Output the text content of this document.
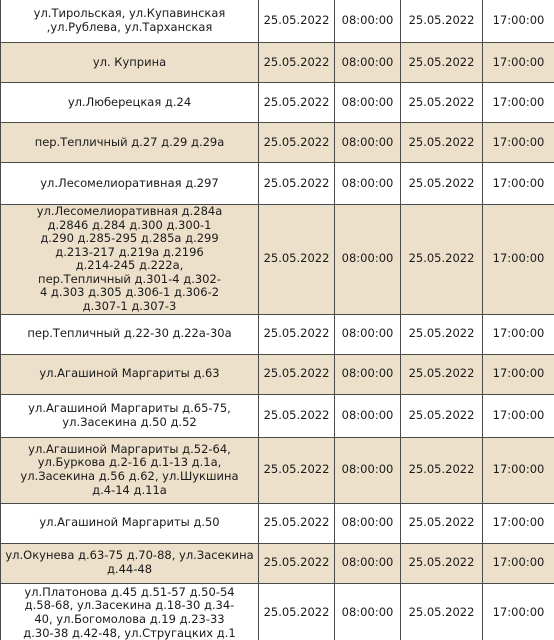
ул.Тирольская, ул.Купавинская ,ул.Рублева, ул.Тарханская	25.05.2022	08:00:00	25.05.2022	17:00:00
ул. Куприна	25.05.2022	08:00:00	25.05.2022	17:00:00
ул.Люберецкая д.24	25.05.2022	08:00:00	25.05.2022	17:00:00
пер.Тепличный д.27 д.29 д.29а	25.05.2022	08:00:00	25.05.2022	17:00:00
ул.Лесомелиоративная д.297	25.05.2022	08:00:00	25.05.2022	17:00:00
ул.Лесомелиоративная д.284а д.2846 д.284 д.300 д.300-1 д.290 д.285-295 д.285а д.299 д.213-217 д.219а д.2196 д.214-245 д.222а, пер.Тепличный д.301-4 д.302-4 д.303 д.305 д.306-1 д.306-2 д.307-1 д.307-3	25.05.2022	08:00:00	25.05.2022	17:00:00
пер.Тепличный д.22-30 д.22а-30а	25.05.2022	08:00:00	25.05.2022	17:00:00
ул.Агашиной Маргариты д.63	25.05.2022	08:00:00	25.05.2022	17:00:00
ул.Агашиной Маргариты д.65-75, ул.Засекина д.50 д.52	25.05.2022	08:00:00	25.05.2022	17:00:00
ул.Агашиной Маргариты д.52-64, ул.Буркова д.2-16 д.1-13 д.1а, ул.Засекина д.56 д.62, ул.Шукшина д.4-14 д.11а	25.05.2022	08:00:00	25.05.2022	17:00:00
ул.Агашиной Маргариты д.50	25.05.2022	08:00:00	25.05.2022	17:00:00
ул.Окунева д.63-75 д.70-88, ул.Засекина д.44-48	25.05.2022	08:00:00	25.05.2022	17:00:00
ул.Платонова д.45 д.51-57 д.50-54 д.58-68, ул.Засекина д.18-30 д.34-40, ул.Богомолова д.19 д.23-33 д.30-38 д.42-48, ул.Стругацких д.1	25.05.2022	08:00:00	25.05.2022	17:00:00
